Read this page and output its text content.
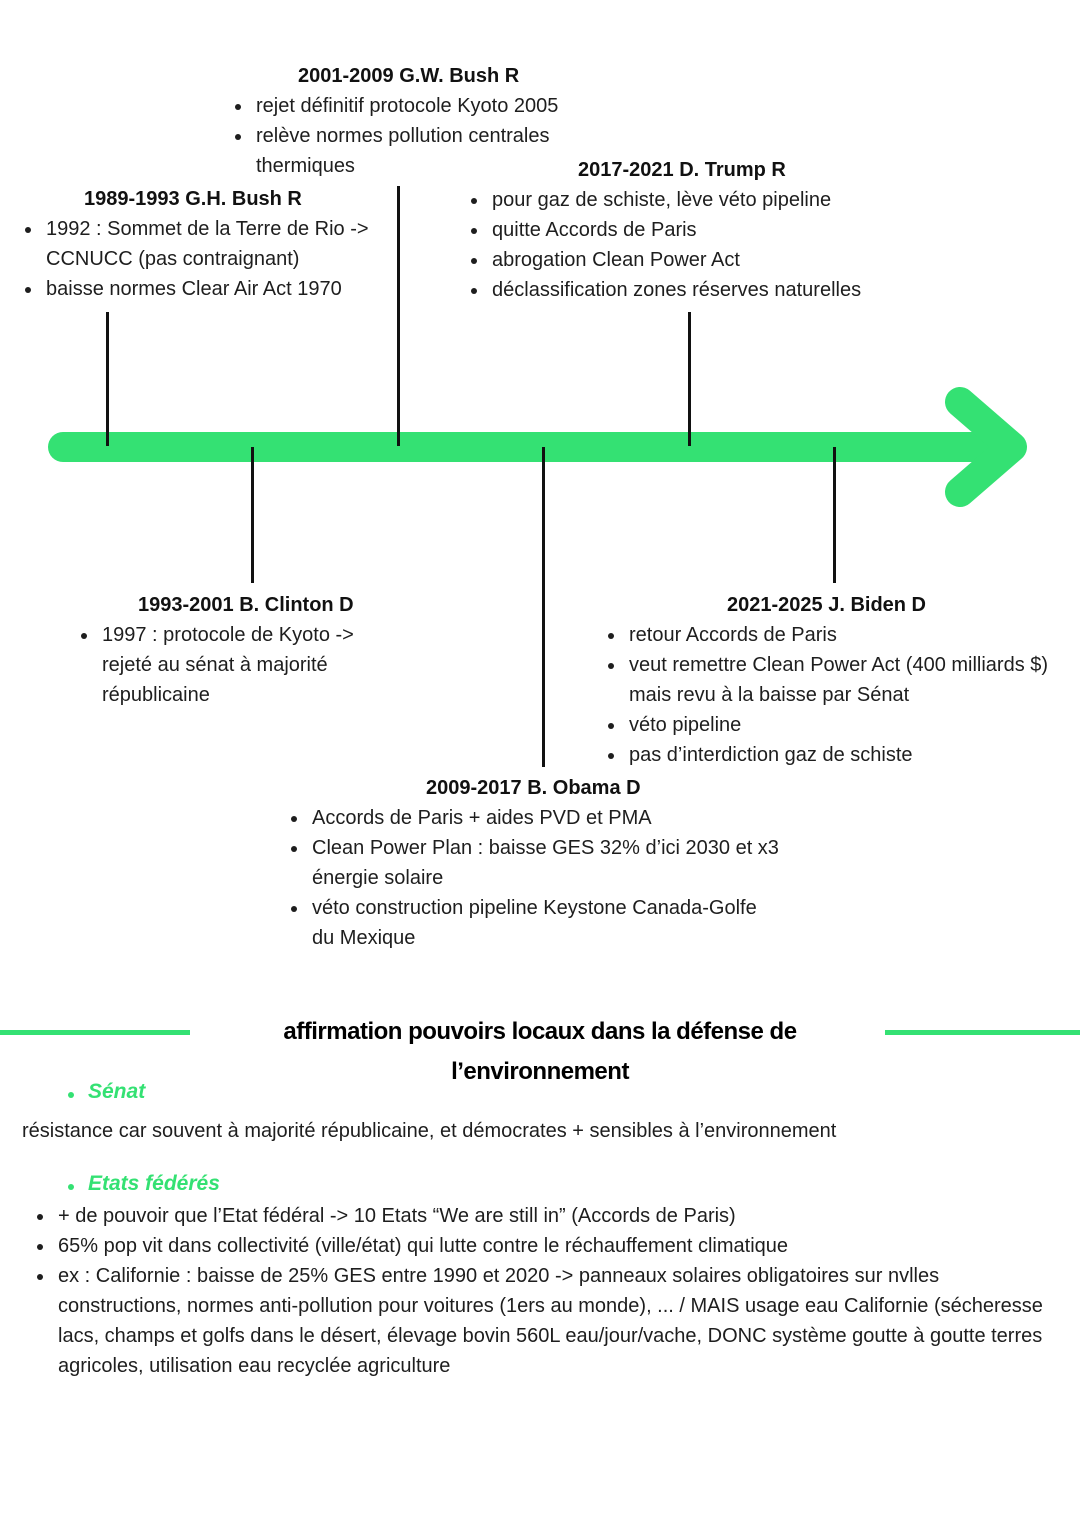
1989-1993 G.H. Bush R
1992 : Sommet de la Terre de Rio -> CCNUCC (pas contraignant)
baisse normes Clear Air Act 1970
1993-2001 B. Clinton D
1997 : protocole de Kyoto -> rejeté au sénat à majorité républicaine
2001-2009 G.W. Bush R
rejet définitif protocole Kyoto 2005
relève normes pollution centrales thermiques
2009-2017 B. Obama D
Accords de Paris + aides PVD et PMA
Clean Power Plan : baisse GES 32% d’ici 2030 et x3 énergie solaire
véto construction pipeline Keystone Canada-Golfe du Mexique
2017-2021 D. Trump R
pour gaz de schiste, lève véto pipeline
quitte Accords de Paris
abrogation Clean Power Act
déclassification zones réserves naturelles
2021-2025 J. Biden D
retour Accords de Paris
veut remettre Clean Power Act (400 milliards $) mais revu à la baisse par Sénat
véto pipeline
pas d’interdiction gaz de schiste
affirmation pouvoirs locaux dans la défense de l’environnement
Sénat
résistance car souvent à majorité républicaine, et démocrates + sensibles à l’environnement
Etats fédérés
+ de pouvoir que l’Etat fédéral -> 10 Etats “We are still in” (Accords de Paris)
65% pop vit dans collectivité (ville/état) qui lutte contre le réchauffement climatique
ex : Californie : baisse de 25% GES entre 1990 et 2020 -> panneaux solaires obligatoires sur nvlles constructions, normes anti-pollution pour voitures (1ers au monde), ... / MAIS usage eau Californie (sécheresse lacs, champs et golfs dans le désert, élevage bovin 560L eau/jour/vache, DONC système goutte à goutte terres agricoles, utilisation eau recyclée agriculture
